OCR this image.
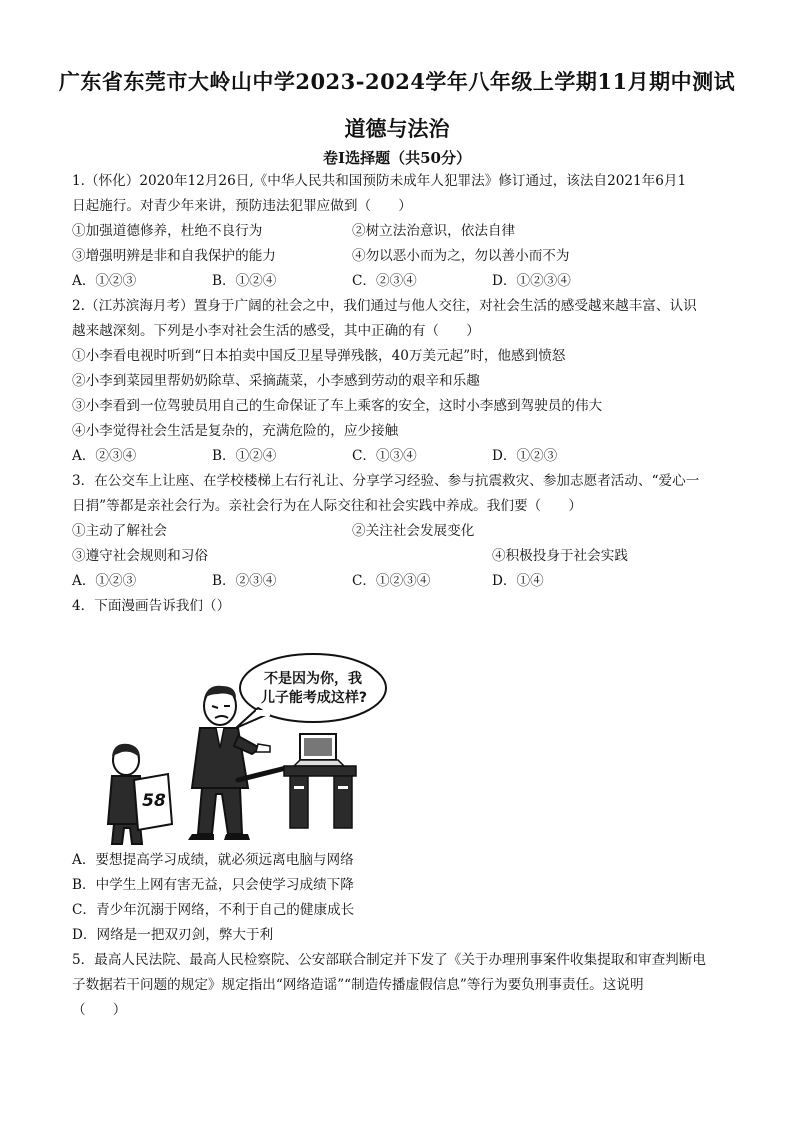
广东省东莞市大岭山中学2023-2024学年八年级上学期11月期中测试
道德与法治
卷Ⅰ选择题（共50分）
1.（怀化）2020年12月26日,《中华人民共和国预防未成年人犯罪法》修订通过，该法自2021年6月1
日起施行。对青少年来讲，预防违法犯罪应做到（　　）
①加强道德修养，杜绝不良行为	②树立法治意识，依法自律
③增强明辨是非和自我保护的能力	④勿以恶小而为之，勿以善小而不为
A．①②③	B．①②④	C．②③④	D．①②③④
2.（江苏滨海月考）置身于广阔的社会之中，我们通过与他人交往，对社会生活的感受越来越丰富、认识
越来越深刻。下列是小李对社会生活的感受，其中正确的有（　　）
①小李看电视时听到“日本拍卖中国反卫星导弹残骸，40万美元起”时，他感到愤怒
②小李到菜园里帮奶奶除草、采摘蔬菜，小李感到劳动的艰辛和乐趣
③小李看到一位驾驶员用自己的生命保证了车上乘客的安全，这时小李感到驾驶员的伟大
④小李觉得社会生活是复杂的，充满危险的，应少接触
A．②③④	B．①②④	C．①③④	D．①②③
3．在公交车上让座、在学校楼梯上右行礼让、分享学习经验、参与抗震救灾、参加志愿者活动、“爱心一
日捐”等都是亲社会行为。亲社会行为在人际交往和社会实践中养成。我们要（　　）
①主动了解社会	②关注社会发展变化
③遵守社会规则和习俗	④积极投身于社会实践
A．①②③	B．②③④	C．①②③④	D．①④
4．下面漫画告诉我们（）
不是因为你，我
儿子能考成这样?
58
A．要想提高学习成绩，就必须远离电脑与网络
B．中学生上网有害无益，只会使学习成绩下降
C．青少年沉溺于网络，不利于自己的健康成长
D．网络是一把双刃剑，弊大于利
5．最高人民法院、最高人民检察院、公安部联合制定并下发了《关于办理刑事案件收集提取和审查判断电
子数据若干问题的规定》规定指出“网络造谣”“制造传播虚假信息”等行为要负刑事责任。这说明
（　　）
